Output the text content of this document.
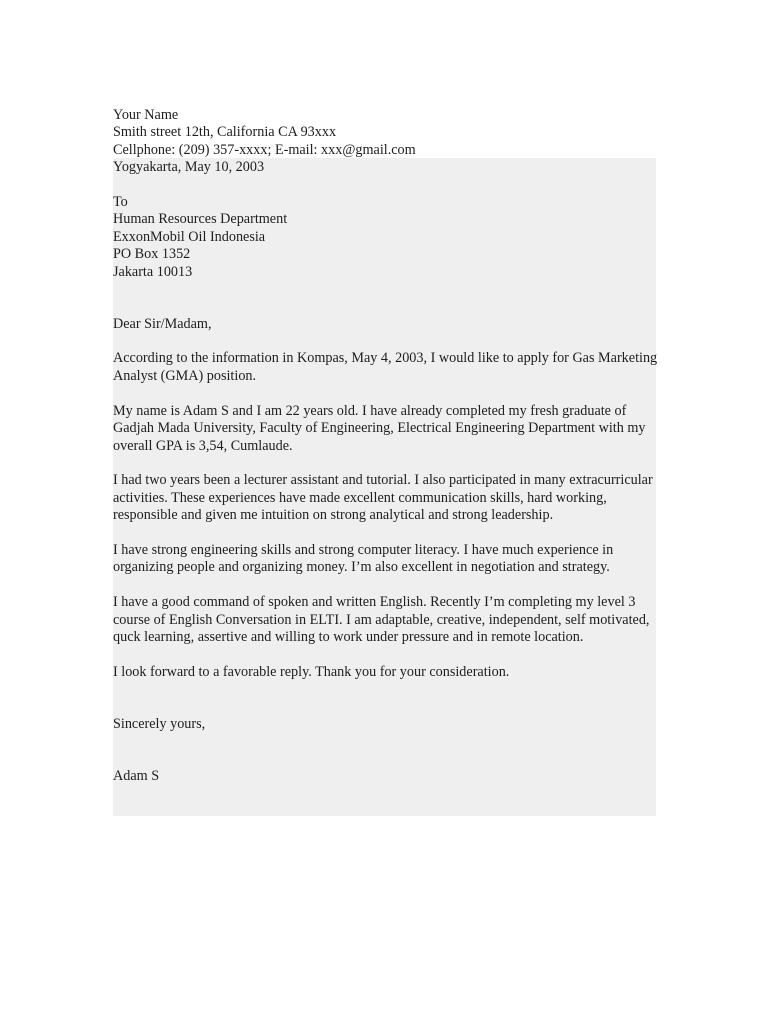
Your Name
Smith street 12th, California CA 93xxx
Cellphone: (209) 357-xxxx; E-mail: xxx@gmail.com
Yogyakarta, May 10, 2003
To
Human Resources Department
ExxonMobil Oil Indonesia
PO Box 1352
Jakarta 10013
Dear Sir/Madam,
According to the information in Kompas, May 4, 2003, I would like to apply for Gas Marketing Analyst (GMA) position.
My name is Adam S and I am 22 years old. I have already completed my fresh graduate of Gadjah Mada University, Faculty of Engineering, Electrical Engineering Department with my overall GPA is 3,54, Cumlaude.
I had two years been a lecturer assistant and tutorial. I also participated in many extracurricular activities. These experiences have made excellent communication skills, hard working, responsible and given me intuition on strong analytical and strong leadership.
I have strong engineering skills and strong computer literacy. I have much experience in organizing people and organizing money. I’m also excellent in negotiation and strategy.
I have a good command of spoken and written English. Recently I’m completing my level 3 course of English Conversation in ELTI. I am adaptable, creative, independent, self motivated, quck learning, assertive and willing to work under pressure and in remote location.
I look forward to a favorable reply. Thank you for your consideration.
Sincerely yours,
Adam S
